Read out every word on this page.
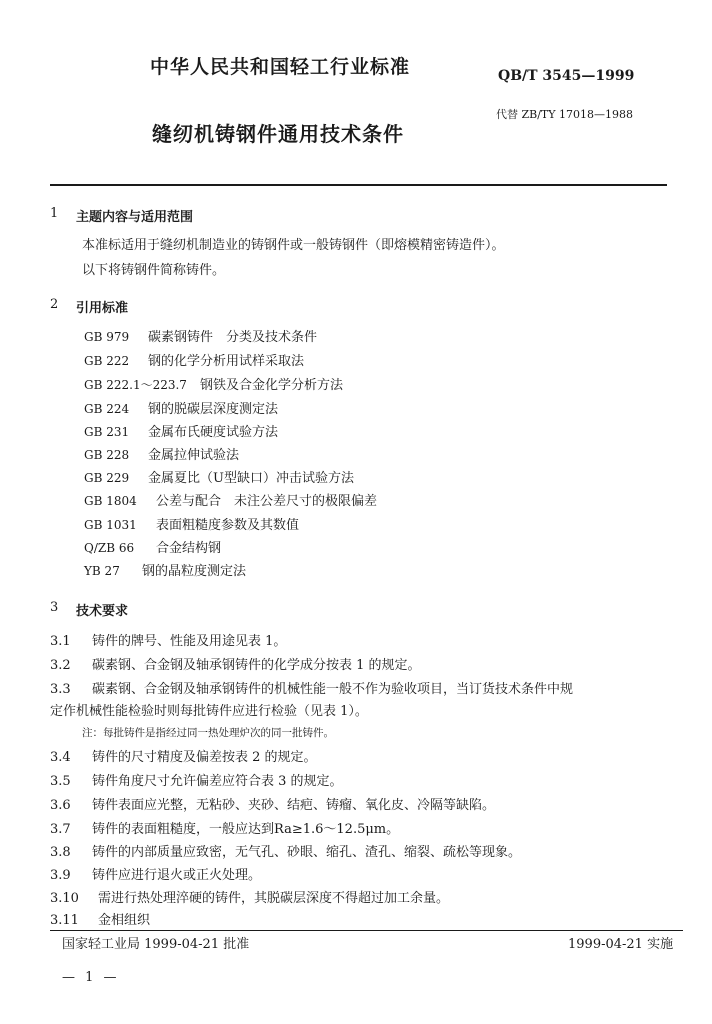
中华人民共和国轻工行业标准	QB/T 3545—1999
代替 ZB/TY 17018—1988
缝纫机铸钢件通用技术条件
1 主题内容与适用范围
本准标适用于缝纫机制造业的铸钢件或一般铸钢件（即熔模精密铸造件）。
以下将铸钢件简称铸件。
2 引用标准
GB 979 碳素钢铸件　分类及技术条件
GB 222 钢的化学分析用试样采取法
GB 222.1～223.7 钢铁及合金化学分析方法
GB 224 钢的脱碳层深度测定法
GB 231 金属布氏硬度试验方法
GB 228 金属拉伸试验法
GB 229 金属夏比（U型缺口）冲击试验方法
GB 1804 公差与配合　未注公差尺寸的极限偏差
GB 1031 表面粗糙度参数及其数值
Q/ZB 66 合金结构钢
YB 27 钢的晶粒度测定法
3 技术要求
3.1 铸件的牌号、性能及用途见表 1。
3.2 碳素钢、合金钢及轴承钢铸件的化学成分按表 1 的规定。
3.3 碳素钢、合金钢及轴承钢铸件的机械性能一般不作为验收项目，当订货技术条件中规
定作机械性能检验时则每批铸件应进行检验（见表 1）。
注：每批铸件是指经过同一热处理炉次的同一批铸件。
3.4 铸件的尺寸精度及偏差按表 2 的规定。
3.5 铸件角度尺寸允许偏差应符合表 3 的规定。
3.6 铸件表面应光整，无粘砂、夹砂、结疤、铸瘤、氧化皮、冷隔等缺陷。
3.7 铸件的表面粗糙度，一般应达到Ra≥1.6～12.5μm。
3.8 铸件的内部质量应致密，无气孔、砂眼、缩孔、渣孔、缩裂、疏松等现象。
3.9 铸件应进行退火或正火处理。
3.10 需进行热处理淬硬的铸件，其脱碳层深度不得超过加工余量。
3.11 金相组织
国家轻工业局 1999-04-21 批准	1999-04-21 实施
— 1 —
